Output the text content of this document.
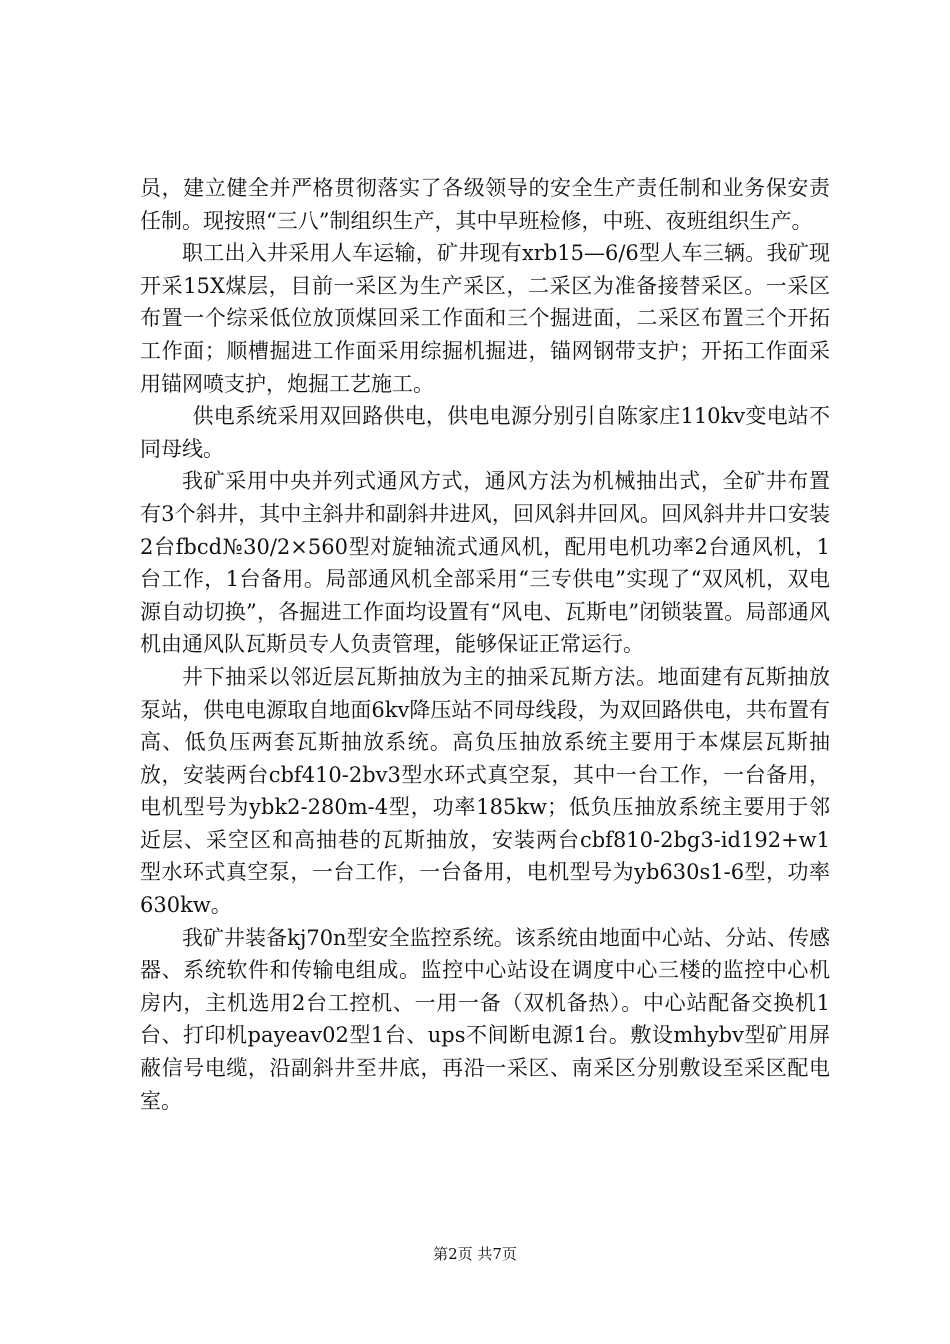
员，建立健全并严格贯彻落实了各级领导的安全生产责任制和业务保安责任制。现按照“三八”制组织生产，其中早班检修，中班、夜班组织生产。

职工出入井采用人车运输，矿井现有xrb15—6/6型人车三辆。我矿现开采15X煤层，目前一采区为生产采区，二采区为准备接替采区。一采区布置一个综采低位放顶煤回采工作面和三个掘进面，二采区布置三个开拓工作面；顺槽掘进工作面采用综掘机掘进，锚网钢带支护；开拓工作面采用锚网喷支护，炮掘工艺施工。

供电系统采用双回路供电，供电电源分别引自陈家庄110kv变电站不同母线。

我矿采用中央并列式通风方式，通风方法为机械抽出式，全矿井布置有3个斜井，其中主斜井和副斜井进风，回风斜井回风。回风斜井井口安装2台fbcd№30/2×560型对旋轴流式通风机，配用电机功率2台通风机，1台工作，1台备用。局部通风机全部采用“三专供电”实现了“双风机，双电源自动切换”，各掘进工作面均设置有“风电、瓦斯电”闭锁装置。局部通风机由通风队瓦斯员专人负责管理，能够保证正常运行。

井下抽采以邻近层瓦斯抽放为主的抽采瓦斯方法。地面建有瓦斯抽放泵站，供电电源取自地面6kv降压站不同母线段，为双回路供电，共布置有高、低负压两套瓦斯抽放系统。高负压抽放系统主要用于本煤层瓦斯抽放，安装两台cbf410-2bv3型水环式真空泵，其中一台工作，一台备用，电机型号为ybk2-280m-4型，功率185kw；低负压抽放系统主要用于邻近层、采空区和高抽巷的瓦斯抽放，安装两台cbf810-2bg3-id192+w1型水环式真空泵，一台工作，一台备用，电机型号为yb630s1-6型，功率630kw。

我矿井装备kj70n型安全监控系统。该系统由地面中心站、分站、传感器、系统软件和传输电组成。监控中心站设在调度中心三楼的监控中心机房内，主机选用2台工控机、一用一备（双机备热）。中心站配备交换机1台、打印机payeav02型1台、ups不间断电源1台。敷设mhybv型矿用屏蔽信号电缆，沿副斜井至井底，再沿一采区、南采区分别敷设至采区配电室。

第2页 共7页
